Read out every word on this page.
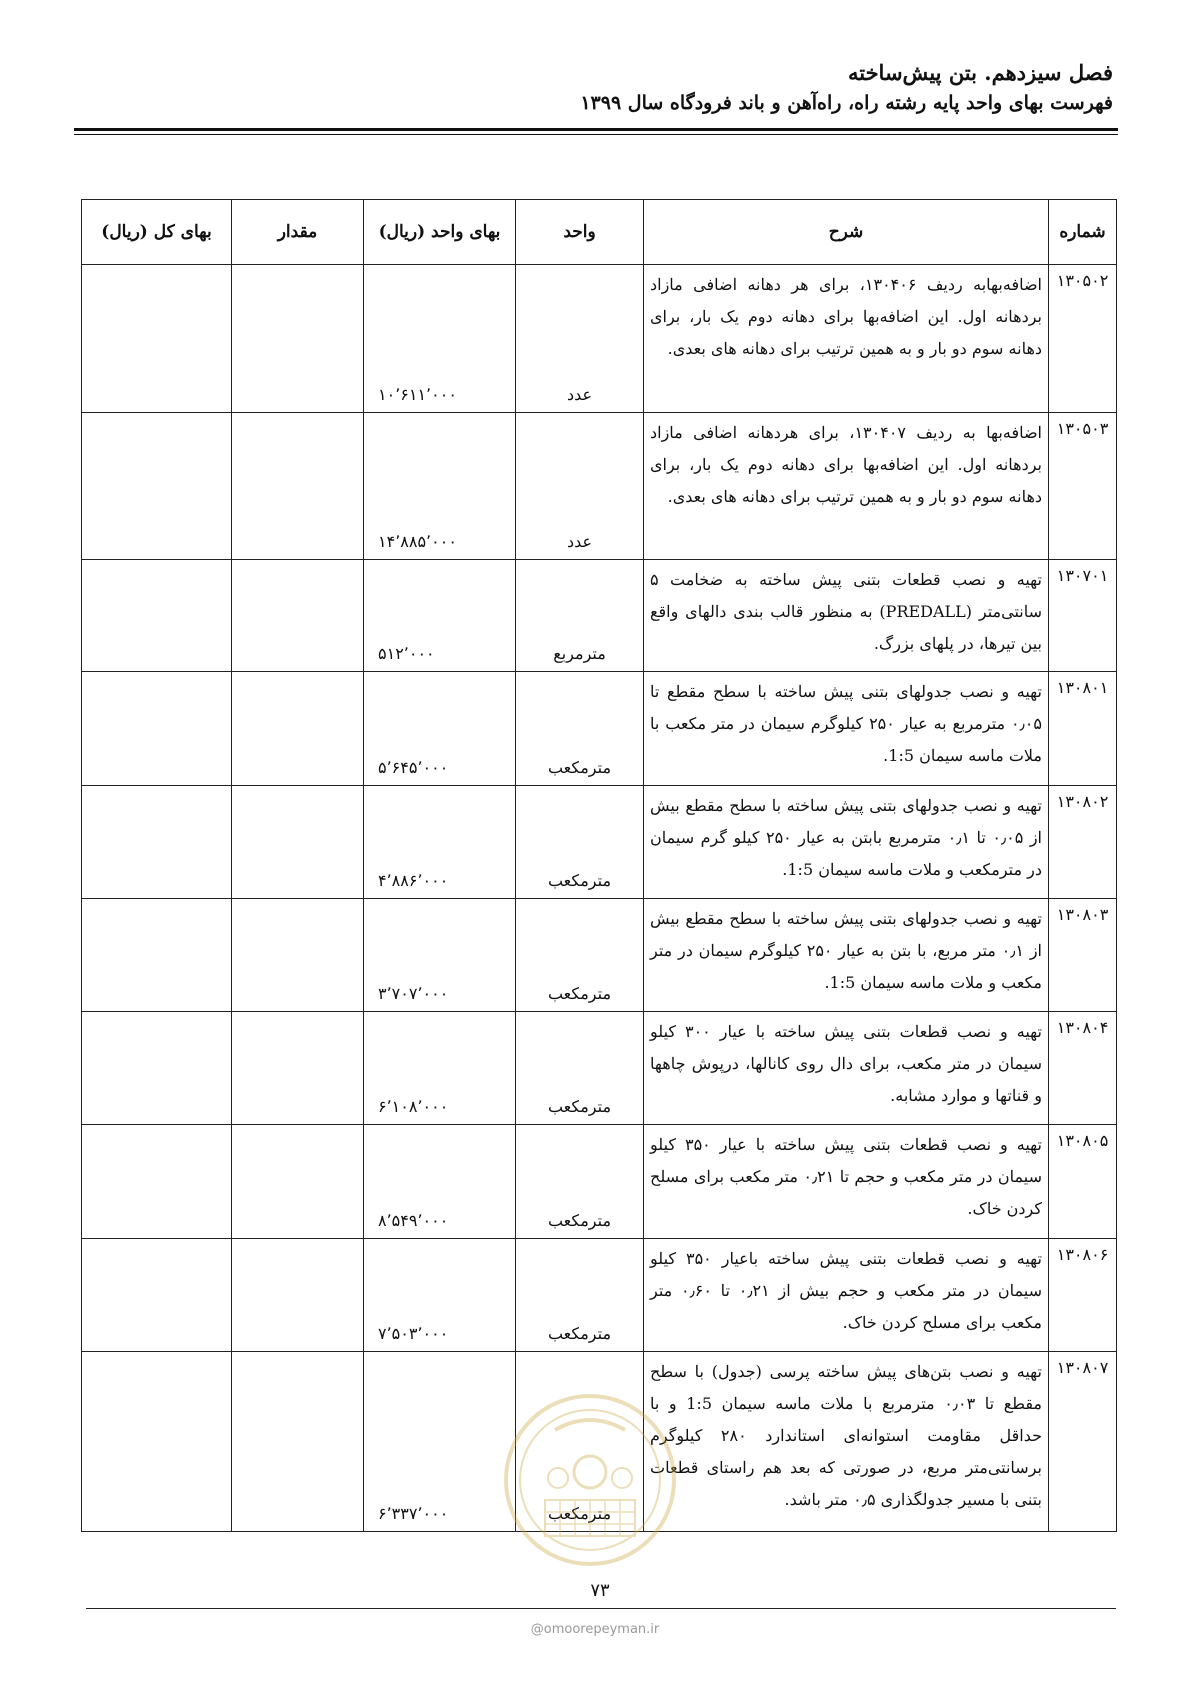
فصل سیزدهم. بتن پیش‌ساخته
فهرست بهای واحد پایه رشته راه، راه‌آهن و باند فرودگاه سال ۱۳۹۹
شماره	شرح	واحد	بهای واحد (ریال)	مقدار	بهای کل (ریال)
۱۳۰۵۰۲	اضافه‌بهابه ردیف ۱۳۰۴۰۶، برای هر دهانه اضافی مازاد بردهانه اول. این اضافه‌بها برای دهانه دوم یک بار، برای دهانه سوم دو بار و به همین ترتیب برای دهانه های بعدی.	عدد	۱۰٬۶۱۱٬۰۰۰		
۱۳۰۵۰۳	اضافه‌بها به ردیف ۱۳۰۴۰۷، برای هردهانه اضافی مازاد بردهانه اول. این اضافه‌بها برای دهانه دوم یک بار، برای دهانه سوم دو بار و به همین ترتیب برای دهانه های بعدی.	عدد	۱۴٬۸۸۵٬۰۰۰		
۱۳۰۷۰۱	تهیه و نصب قطعات بتنی پیش ساخته به ضخامت ۵ سانتی‌متر (PREDALL) به منظور قالب بندی دالهای واقع بین تیرها، در پلهای بزرگ.	مترمربع	۵۱۲٬۰۰۰		
۱۳۰۸۰۱	تهیه و نصب جدولهای بتنی پیش ساخته با سطح مقطع تا ۰٫۰۵ مترمربع به عیار ۲۵۰ کیلوگرم سیمان در متر مکعب با ملات ماسه سیمان 1:5.	مترمکعب	۵٬۶۴۵٬۰۰۰		
۱۳۰۸۰۲	تهیه و نصب جدولهای بتنی پیش ساخته با سطح مقطع بیش از ۰٫۰۵ تا ۰٫۱ مترمربع بابتن به عیار ۲۵۰ کیلو گرم سیمان در مترمکعب و ملات ماسه سیمان 1:5.	مترمکعب	۴٬۸۸۶٬۰۰۰		
۱۳۰۸۰۳	تهیه و نصب جدولهای بتنی پیش ساخته با سطح مقطع بیش از ۰٫۱ متر مربع، با بتن به عیار ۲۵۰ کیلوگرم سیمان در متر مکعب و ملات ماسه سیمان 1:5.	مترمکعب	۳٬۷۰۷٬۰۰۰		
۱۳۰۸۰۴	تهیه و نصب قطعات بتنی پیش ساخته با عیار ۳۰۰ کیلو سیمان در متر مکعب، برای دال روی کانالها، درپوش چاهها و قناتها و موارد مشابه.	مترمکعب	۶٬۱۰۸٬۰۰۰		
۱۳۰۸۰۵	تهیه و نصب قطعات بتنی پیش ساخته با عیار ۳۵۰ کیلو سیمان در متر مکعب و حجم تا ۰٫۲۱ متر مکعب برای مسلح کردن خاک.	مترمکعب	۸٬۵۴۹٬۰۰۰		
۱۳۰۸۰۶	تهیه و نصب قطعات بتنی پیش ساخته باعیار ۳۵۰ کیلو سیمان در متر مکعب و حجم بیش از ۰٫۲۱ تا ۰٫۶۰ متر مکعب برای مسلح کردن خاک.	مترمکعب	۷٬۵۰۳٬۰۰۰		
۱۳۰۸۰۷	تهیه و نصب بتن‌های پیش ساخته پرسی (جدول) با سطح مقطع تا ۰٫۰۳ مترمربع با ملات ماسه سیمان 1:5 و با حداقل مقاومت استوانه‌ای استاندارد ۲۸۰ کیلوگرم برسانتی‌متر مربع، در صورتی که بعد هم راستای قطعات بتنی با مسیر جدولگذاری ۰٫۵ متر باشد.	مترمکعب	۶٬۳۳۷٬۰۰۰		
۷۳
@omoorepeyman.ir
